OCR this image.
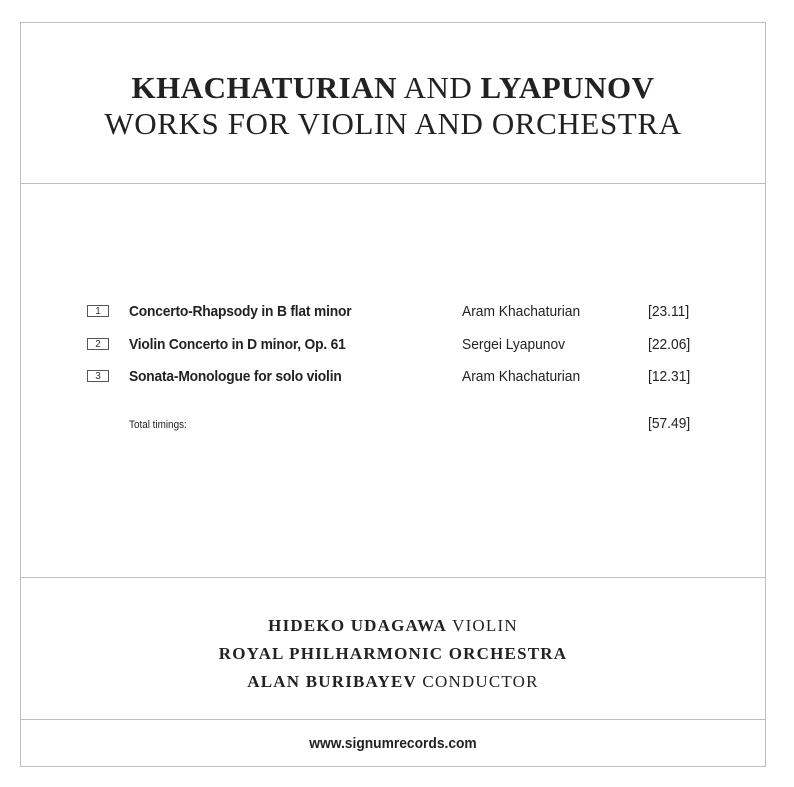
KHACHATURIAN AND LYAPUNOV
WORKS FOR VIOLIN AND ORCHESTRA
1	Concerto-Rhapsody in B flat minor	Aram Khachaturian	[23.11]
2	Violin Concerto in D minor, Op. 61	Sergei Lyapunov	[22.06]
3	Sonata-Monologue for solo violin	Aram Khachaturian	[12.31]
Total timings:	[57.49]
HIDEKO UDAGAWA VIOLIN
ROYAL PHILHARMONIC ORCHESTRA
ALAN BURIBAYEV CONDUCTOR
www.signumrecords.com
